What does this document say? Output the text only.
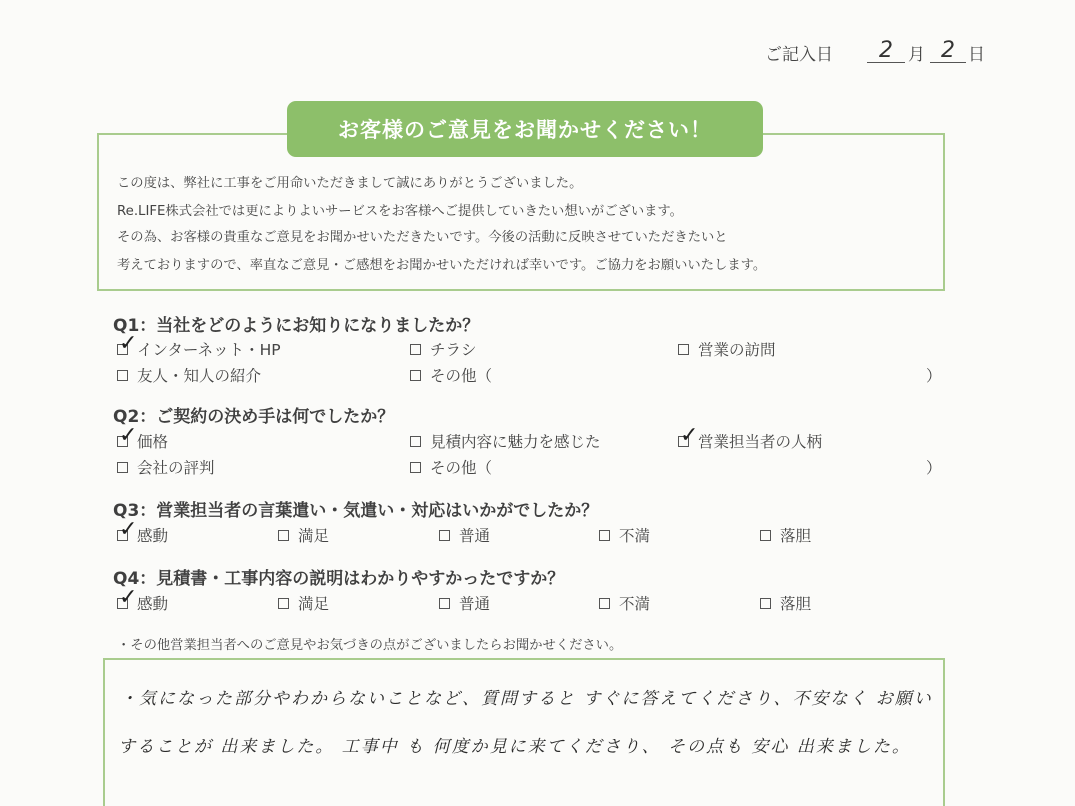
ご記入日	2 月 2 日
お客様のご意見をお聞かせください！
この度は、弊社に工事をご用命いただきまして誠にありがとうございました。
Re.LIFE株式会社では更によりよいサービスをお客様へご提供していきたい想いがございます。
その為、お客様の貴重なご意見をお聞かせいただきたいです。今後の活動に反映させていただきたいと
考えておりますので、率直なご意見・ご感想をお聞かせいただければ幸いです。ご協力をお願いいたします。
Q1：当社をどのようにお知りになりましたか？
✓ インターネット・HP	チラシ	営業の訪問
友人・知人の紹介	その他（	）
Q2：ご契約の決め手は何でしたか？
✓ 価格	見積内容に魅力を感じた	✓ 営業担当者の人柄
会社の評判	その他（	）
Q3：営業担当者の言葉遣い・気遣い・対応はいかがでしたか？
✓ 感動	満足	普通	不満	落胆
Q4：見積書・工事内容の説明はわかりやすかったですか？
✓ 感動	満足	普通	不満	落胆
・その他営業担当者へのご意見やお気づきの点がございましたらお聞かせください。
・気になった部分やわからないことなど、質問すると すぐに答えてくださり、不安なく お願い
することが 出来ました。 工事中 も 何度か見に来てくださり、 その点も 安心 出来ました。
